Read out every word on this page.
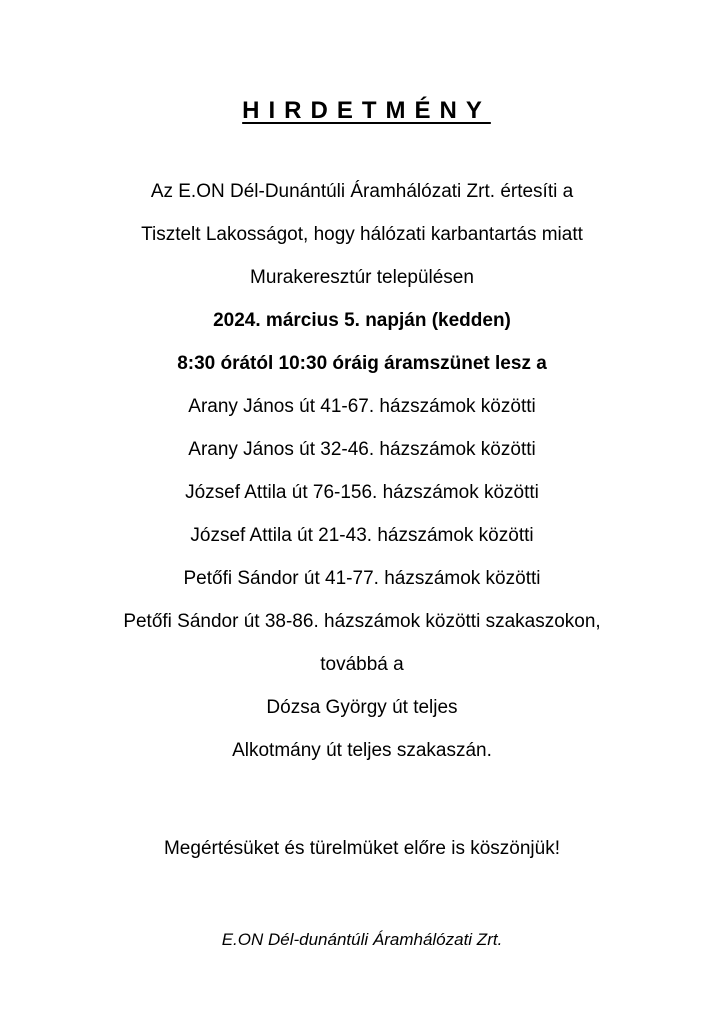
HIRDETMÉNY
Az E.ON Dél-Dunántúli Áramhálózati Zrt. értesíti a
Tisztelt Lakosságot, hogy hálózati karbantartás miatt
Murakeresztúr településen
2024. március 5. napján (kedden)
8:30 órától 10:30 óráig áramszünet lesz a
Arany János út 41-67. házszámok közötti
Arany János út 32-46. házszámok közötti
József Attila út 76-156. házszámok közötti
József Attila út 21-43. házszámok közötti
Petőfi Sándor út 41-77. házszámok közötti
Petőfi Sándor út 38-86. házszámok közötti szakaszokon,
továbbá a
Dózsa György út teljes
Alkotmány út teljes szakaszán.
Megértésüket és türelmüket előre is köszönjük!
E.ON Dél-dunántúli Áramhálózati Zrt.
